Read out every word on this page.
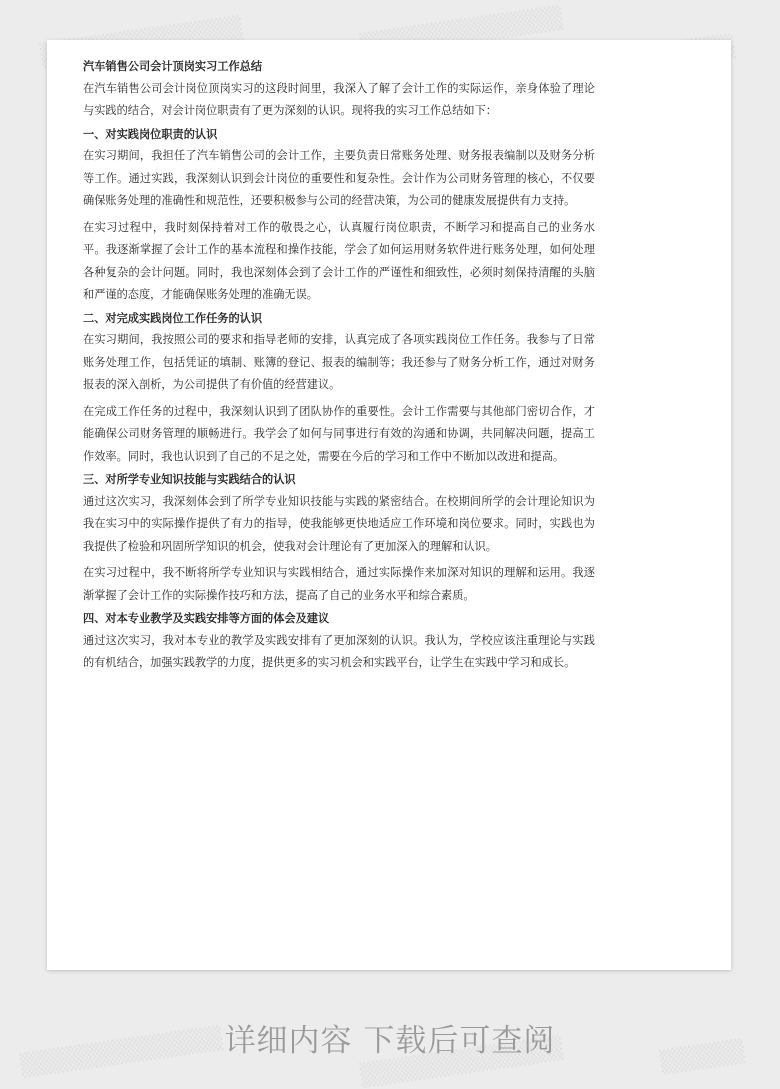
汽车销售公司会计顶岗实习工作总结

在汽车销售公司会计岗位顶岗实习的这段时间里，我深入了解了会计工作的实际运作，亲身体验了理论与实践的结合，对会计岗位职责有了更为深刻的认识。现将我的实习工作总结如下：

一、对实践岗位职责的认识

在实习期间，我担任了汽车销售公司的会计工作，主要负责日常账务处理、财务报表编制以及财务分析等工作。通过实践，我深刻认识到会计岗位的重要性和复杂性。会计作为公司财务管理的核心，不仅要确保账务处理的准确性和规范性，还要积极参与公司的经营决策，为公司的健康发展提供有力支持。

在实习过程中，我时刻保持着对工作的敬畏之心，认真履行岗位职责，不断学习和提高自己的业务水平。我逐渐掌握了会计工作的基本流程和操作技能，学会了如何运用财务软件进行账务处理，如何处理各种复杂的会计问题。同时，我也深刻体会到了会计工作的严谨性和细致性，必须时刻保持清醒的头脑和严谨的态度，才能确保账务处理的准确无误。

二、对完成实践岗位工作任务的认识

在实习期间，我按照公司的要求和指导老师的安排，认真完成了各项实践岗位工作任务。我参与了日常账务处理工作，包括凭证的填制、账簿的登记、报表的编制等；我还参与了财务分析工作，通过对财务报表的深入剖析，为公司提供了有价值的经营建议。

在完成工作任务的过程中，我深刻认识到了团队协作的重要性。会计工作需要与其他部门密切合作，才能确保公司财务管理的顺畅进行。我学会了如何与同事进行有效的沟通和协调，共同解决问题，提高工作效率。同时，我也认识到了自己的不足之处，需要在今后的学习和工作中不断加以改进和提高。

三、对所学专业知识技能与实践结合的认识

通过这次实习，我深刻体会到了所学专业知识技能与实践的紧密结合。在校期间所学的会计理论知识为我在实习中的实际操作提供了有力的指导，使我能够更快地适应工作环境和岗位要求。同时，实践也为我提供了检验和巩固所学知识的机会，使我对会计理论有了更加深入的理解和认识。

在实习过程中，我不断将所学专业知识与实践相结合，通过实际操作来加深对知识的理解和运用。我逐渐掌握了会计工作的实际操作技巧和方法，提高了自己的业务水平和综合素质。

四、对本专业教学及实践安排等方面的体会及建议

通过这次实习，我对本专业的教学及实践安排有了更加深刻的认识。我认为，学校应该注重理论与实践的有机结合，加强实践教学的力度，提供更多的实习机会和实践平台，让学生在实践中学习和成长。

详细内容 下载后可查阅
